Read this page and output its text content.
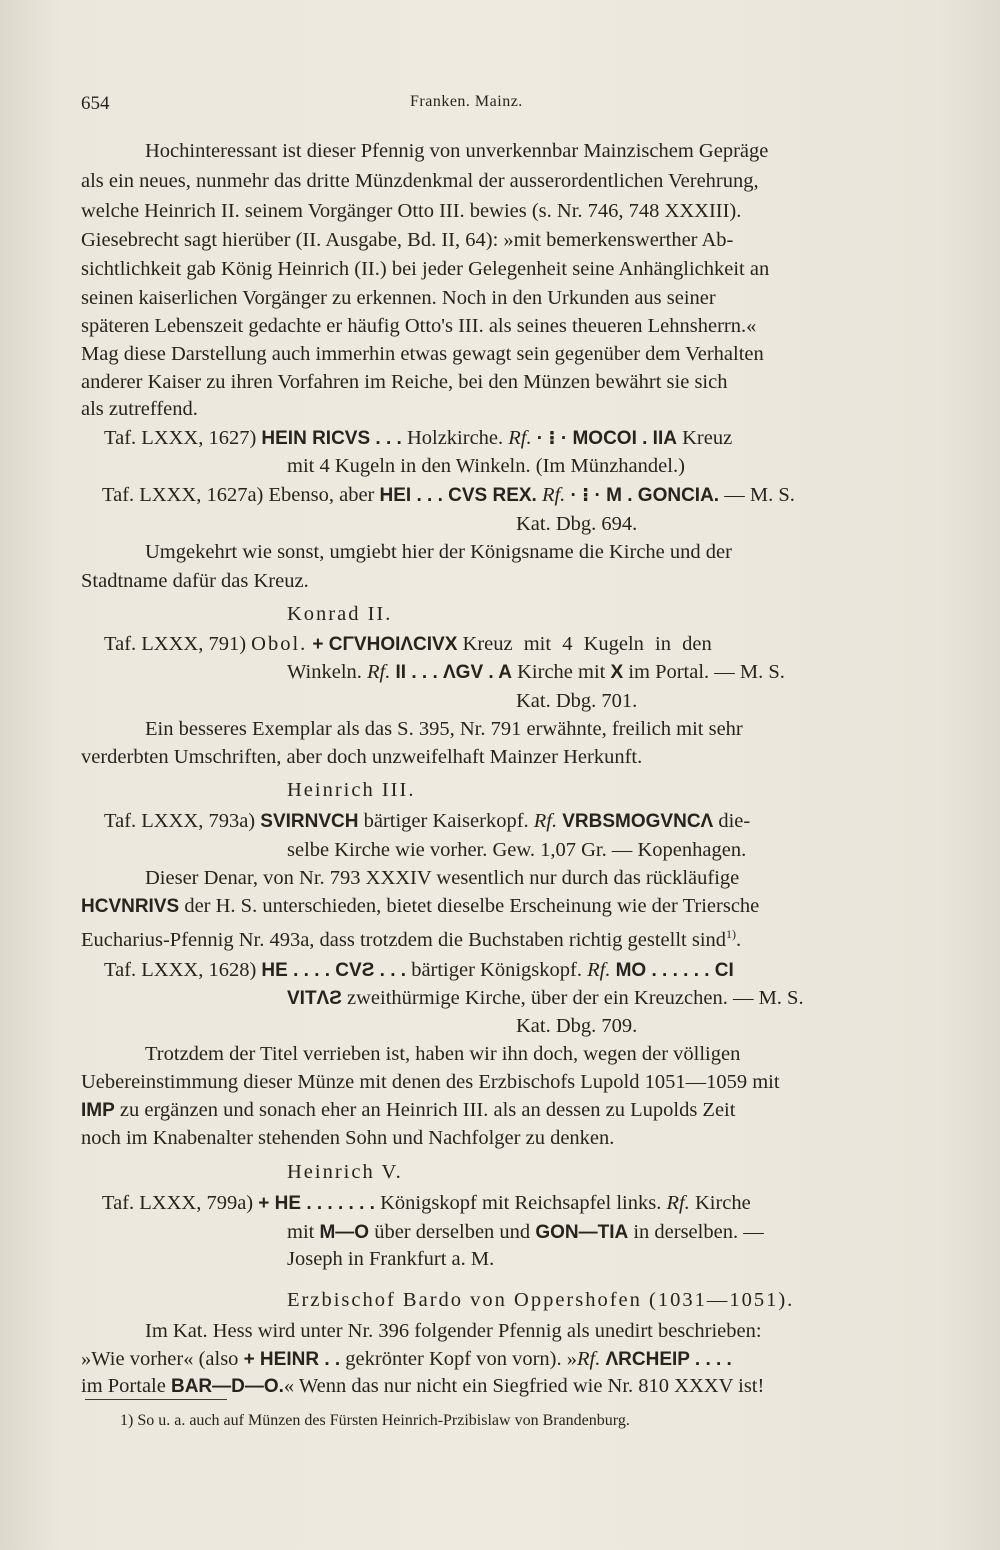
654	Franken. Mainz.
Hochinteressant ist dieser Pfennig von unverkennbar Mainzischem Gepräge
als ein neues, nunmehr das dritte Münzdenkmal der ausserordentlichen Verehrung,
welche Heinrich II. seinem Vorgänger Otto III. bewies (s. Nr. 746, 748 XXXIII).
Giesebrecht sagt hierüber (II. Ausgabe, Bd. II, 64): »mit bemerkenswerther Ab-
sichtlichkeit gab König Heinrich (II.) bei jeder Gelegenheit seine Anhänglichkeit an
seinen kaiserlichen Vorgänger zu erkennen. Noch in den Urkunden aus seiner
späteren Lebenszeit gedachte er häufig Otto's III. als seines theueren Lehnsherrn.«
Mag diese Darstellung auch immerhin etwas gewagt sein gegenüber dem Verhalten
anderer Kaiser zu ihren Vorfahren im Reiche, bei den Münzen bewährt sie sich
als zutreffend.
Taf. LXXX, 1627) HEIN RICVS . . . Holzkirche. Rf. · ⁝ · MOCOI . IIA Kreuz
mit 4 Kugeln in den Winkeln. (Im Münzhandel.)
Taf. LXXX, 1627a) Ebenso, aber HEI . . . CVS REX. Rf. · ⁝ · M . GONCIA. — M. S.
Kat. Dbg. 694.
Umgekehrt wie sonst, umgiebt hier der Königsname die Kirche und der
Stadtname dafür das Kreuz.
Konrad II.
Taf. LXXX, 791) Obol. + CΓVHOIΛCIVX Kreuz mit 4 Kugeln in den
Winkeln. Rf. II . . . ΛGV . A Kirche mit X im Portal. — M. S.
Kat. Dbg. 701.
Ein besseres Exemplar als das S. 395, Nr. 791 erwähnte, freilich mit sehr
verderbten Umschriften, aber doch unzweifelhaft Mainzer Herkunft.
Heinrich III.
Taf. LXXX, 793a) SVIRNVCH bärtiger Kaiserkopf. Rf. VRBSMOGVNCΛ die-
selbe Kirche wie vorher. Gew. 1,07 Gr. — Kopenhagen.
Dieser Denar, von Nr. 793 XXXIV wesentlich nur durch das rückläufige
HCVNRIVS der H. S. unterschieden, bietet dieselbe Erscheinung wie der Triersche
Eucharius-Pfennig Nr. 493a, dass trotzdem die Buchstaben richtig gestellt sind$^{1)}$.
Taf. LXXX, 1628) HE . . . . CVƧ . . . bärtiger Königskopf. Rf. MO . . . . . . CI
VITΛƧ zweithürmige Kirche, über der ein Kreuzchen. — M. S.
Kat. Dbg. 709.
Trotzdem der Titel verrieben ist, haben wir ihn doch, wegen der völligen
Uebereinstimmung dieser Münze mit denen des Erzbischofs Lupold 1051—1059 mit
IMP zu ergänzen und sonach eher an Heinrich III. als an dessen zu Lupolds Zeit
noch im Knabenalter stehenden Sohn und Nachfolger zu denken.
Heinrich V.
Taf. LXXX, 799a) + HE . . . . . . . Königskopf mit Reichsapfel links. Rf. Kirche
mit M—O über derselben und GON—TIA in derselben. —
Joseph in Frankfurt a. M.
Erzbischof Bardo von Oppershofen (1031—1051).
Im Kat. Hess wird unter Nr. 396 folgender Pfennig als unedirt beschrieben:
»Wie vorher« (also + HEINR . . gekrönter Kopf von vorn). »Rf. ΛRCHEIP . . . .
im Portale BAR—D—O.« Wenn das nur nicht ein Siegfried wie Nr. 810 XXXV ist!
1) So u. a. auch auf Münzen des Fürsten Heinrich-Przibislaw von Brandenburg.
